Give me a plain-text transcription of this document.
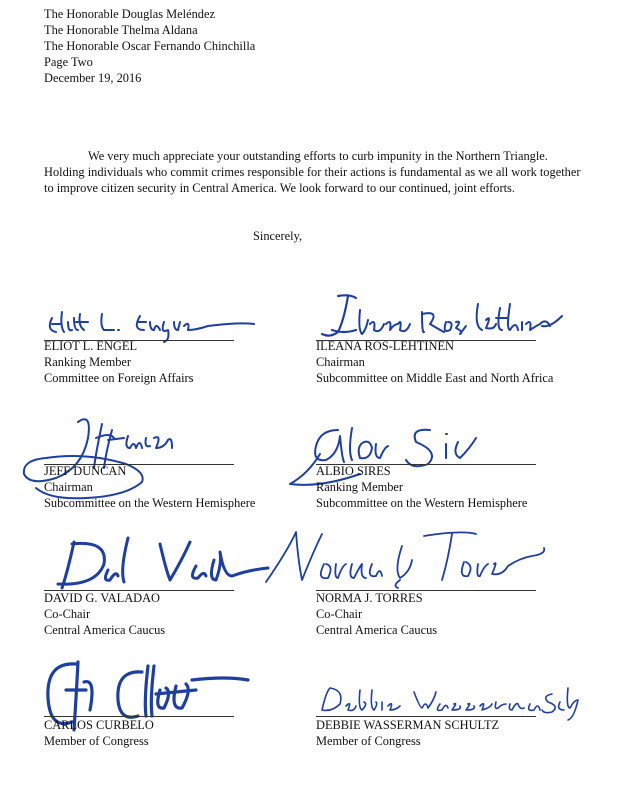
The Honorable Douglas Meléndez
The Honorable Thelma Aldana
The Honorable Oscar Fernando Chinchilla
Page Two
December 19, 2016

We very much appreciate your outstanding efforts to curb impunity in the Northern Triangle. Holding individuals who commit crimes responsible for their actions is fundamental as we all work together to improve citizen security in Central America. We look forward to our continued, joint efforts.

Sincerely,
ELIOT L. ENGEL
Ranking Member
Committee on Foreign Affairs
ILEANA ROS-LEHTINEN
Chairman
Subcommittee on Middle East and North Africa
JEFF DUNCAN
Chairman
Subcommittee on the Western Hemisphere
ALBIO SIRES
Ranking Member
Subcommittee on the Western Hemisphere
DAVID G. VALADAO
Co-Chair
Central America Caucus
NORMA J. TORRES
Co-Chair
Central America Caucus
CARLOS CURBELO
Member of Congress
DEBBIE WASSERMAN SCHULTZ
Member of Congress
